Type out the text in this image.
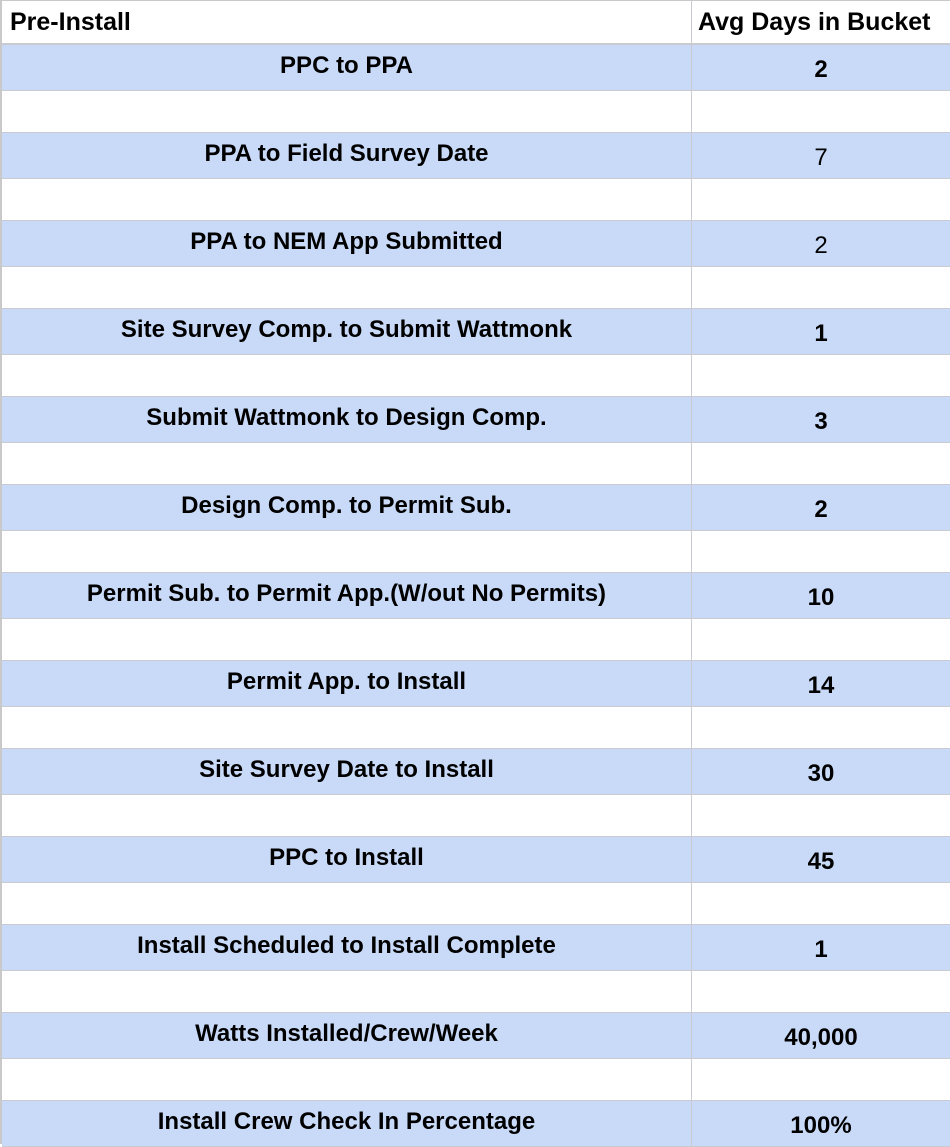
Pre-Install	Avg Days in Bucket
PPC to PPA	2
PPA to Field Survey Date	7
PPA to NEM App Submitted	2
Site Survey Comp. to Submit Wattmonk	1
Submit Wattmonk to Design Comp.	3
Design Comp. to Permit Sub.	2
Permit Sub. to Permit App.(W/out No Permits)	10
Permit App. to Install	14
Site Survey Date to Install	30
PPC to Install	45
Install Scheduled to Install Complete	1
Watts Installed/Crew/Week	40,000
Install Crew Check In Percentage	100%
